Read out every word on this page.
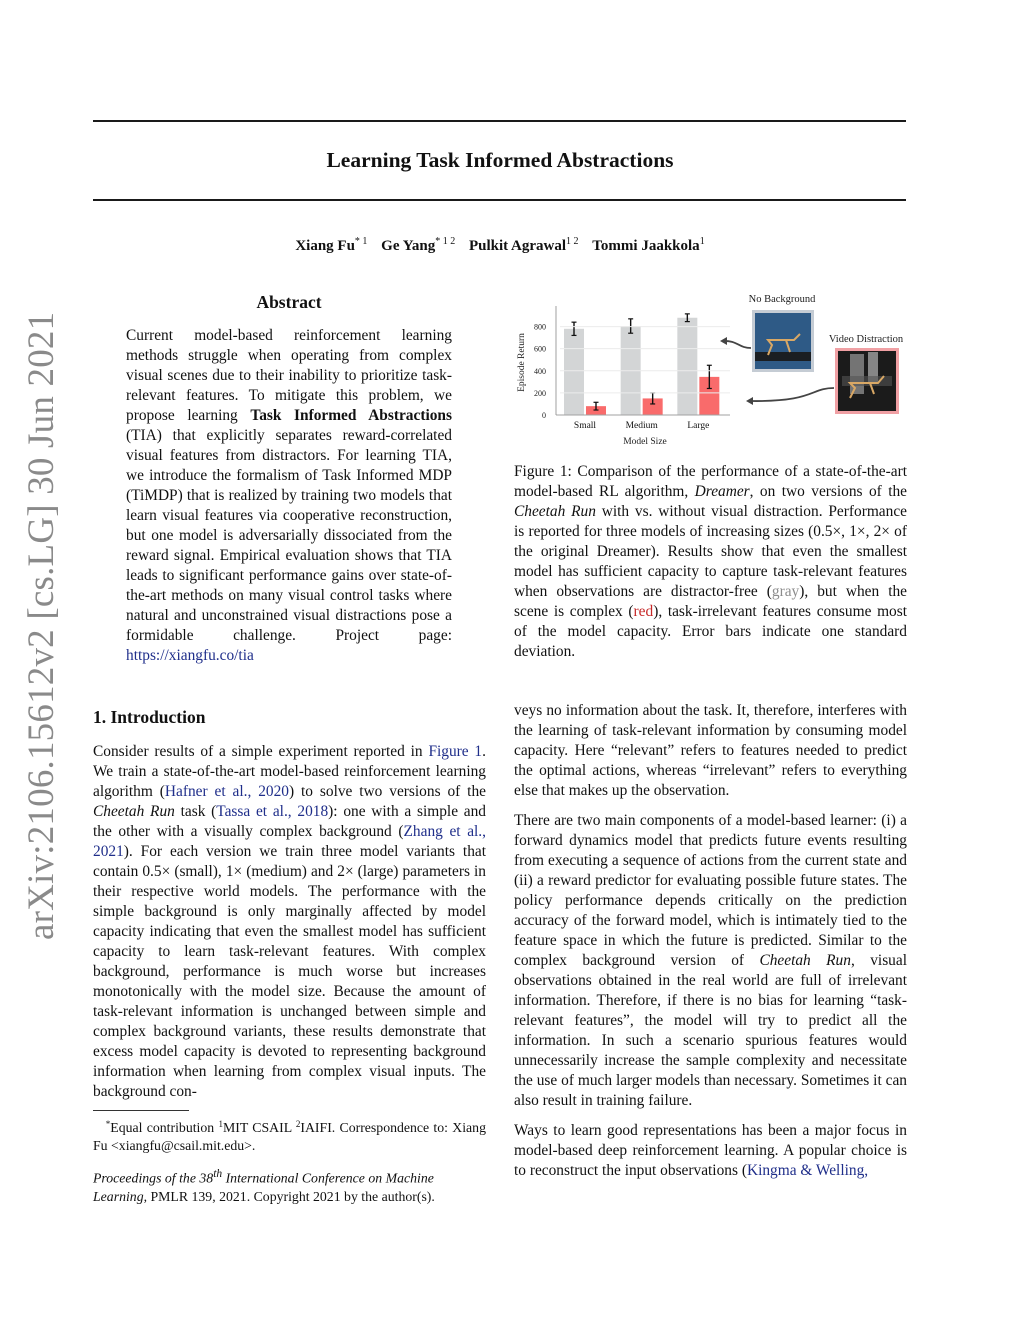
Learning Task Informed Abstractions
Xiang Fu$^{* 1}$ Ge Yang$^{* 1 2}$ Pulkit Agrawal$^{1 2}$ Tommi Jaakkola$^1$
arXiv:2106.15612v2 [cs.LG] 30 Jun 2021
Abstract
Current model-based reinforcement learning methods struggle when operating from complex visual scenes due to their inability to prioritize task-relevant features. To mitigate this problem, we propose learning Task Informed Abstractions (TIA) that explicitly separates reward-correlated visual features from distractors. For learning TIA, we introduce the formalism of Task Informed MDP (TiMDP) that is realized by training two models that learn visual features via cooperative reconstruction, but one model is adversarially dissociated from the reward signal. Empirical evaluation shows that TIA leads to significant performance gains over state-of-the-art methods on many visual control tasks where natural and unconstrained visual distractions pose a formidable challenge. Project page: https://xiangfu.co/tia
0
200
400
600
800
Small	Medium	Large
Model Size
Episode Return
No Background
Video Distraction
Figure 1: Comparison of the performance of a state-of-the-art model-based RL algorithm, Dreamer, on two versions of the Cheetah Run with vs. without visual distraction. Performance is reported for three models of increasing sizes (0.5×, 1×, 2× of the original Dreamer). Results show that even the smallest model has sufficient capacity to capture task-relevant features when observations are distractor-free (gray), but when the scene is complex (red), task-irrelevant features consume most of the model capacity. Error bars indicate one standard deviation.
1. Introduction

Consider results of a simple experiment reported in Figure 1. We train a state-of-the-art model-based reinforcement learning algorithm (Hafner et al., 2020) to solve two versions of the Cheetah Run task (Tassa et al., 2018): one with a simple and the other with a visually complex background (Zhang et al., 2021). For each version we train three model variants that contain 0.5× (small), 1× (medium) and 2× (large) parameters in their respective world models. The performance with the simple background is only marginally affected by model capacity indicating that even the smallest model has sufficient capacity to learn task-relevant features. With complex background, performance is much worse but increases monotonically with the model size. Because the amount of task-relevant information is unchanged between simple and complex background variants, these results demonstrate that excess model capacity is devoted to representing background information when learning from complex visual inputs. The background con-

*Equal contribution $^1$MIT CSAIL $^2$IAIFI. Correspondence to: Xiang Fu <xiangfu@csail.mit.edu>.
Proceedings of the 38th International Conference on Machine Learning, PMLR 139, 2021. Copyright 2021 by the author(s).

veys no information about the task. It, therefore, interferes with the learning of task-relevant information by consuming model capacity. Here “relevant” refers to features needed to predict the optimal actions, whereas “irrelevant” refers to everything else that makes up the observation.

There are two main components of a model-based learner: (i) a forward dynamics model that predicts future events resulting from executing a sequence of actions from the current state and (ii) a reward predictor for evaluating possible future states. The policy performance depends critically on the prediction accuracy of the forward model, which is intimately tied to the feature space in which the future is predicted. Similar to the complex background version of Cheetah Run, visual observations obtained in the real world are full of irrelevant information. Therefore, if there is no bias for learning “task-relevant features”, the model will try to predict all the information. In such a scenario spurious features would unnecessarily increase the sample complexity and necessitate the use of much larger models than necessary. Sometimes it can also result in training failure.

Ways to learn good representations has been a major focus in model-based deep reinforcement learning. A popular choice is to reconstruct the input observations (Kingma & Welling,
